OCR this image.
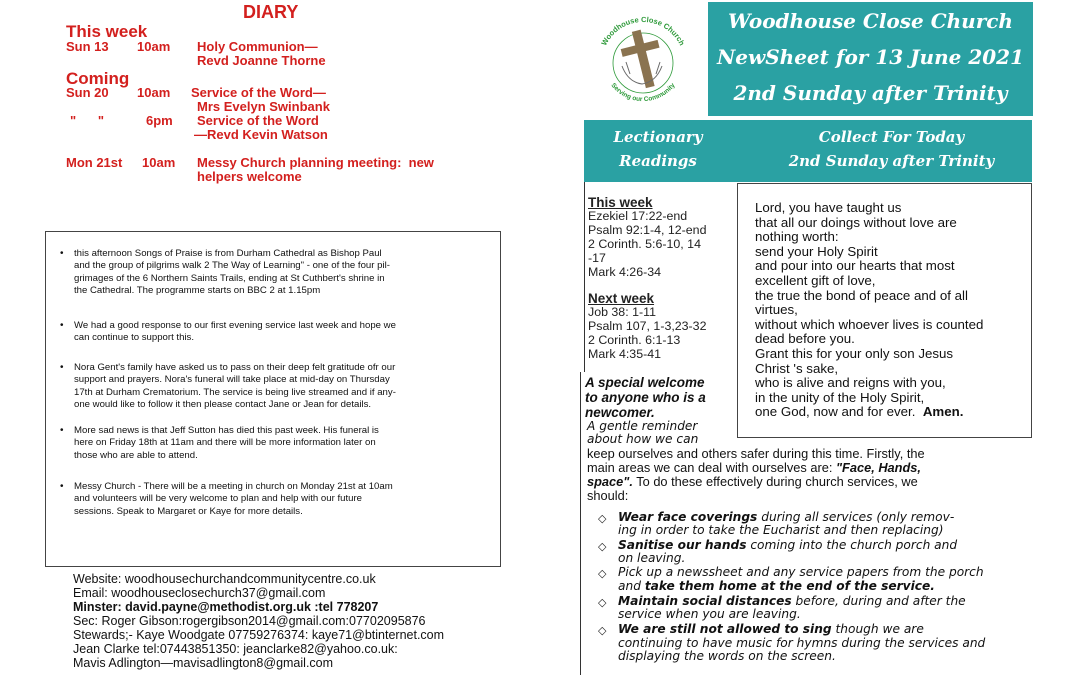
DIARY
This week
Sun 13 10am Holy Communion—
Revd Joanne Thorne
Coming
Sun 20 10am Service of the Word—
Mrs Evelyn Swinbank
"      "	6pm Service of the Word
—Revd Kevin Watson
Mon 21st 10am Messy Church planning meeting:  new
helpers welcome
• this afternoon Songs of Praise is from Durham Cathedral as Bishop Paul
and the group of pilgrims walk 2 The Way of Learning" - one of the four pil-
grimages of the 6 Northern Saints Trails, ending at St Cuthbert's shrine in
the Cathedral. The programme starts on BBC 2 at 1.15pm
• We had a good response to our first evening service last week and hope we
can continue to support this.
• Nora Gent's family have asked us to pass on their deep felt gratitude ofr our
support and prayers. Nora's funeral will take place at mid-day on Thursday
17th at Durham Crematorium. The service is being live streamed and if any-
one would like to follow it then please contact Jane or Jean for details.
• More sad news is that Jeff Sutton has died this past week. His funeral is
here on Friday 18th at 11am and there will be more information later on
those who are able to attend.
• Messy Church - There will be a meeting in church on Monday 21st at 10am
and volunteers will be very welcome to plan and help with our future
sessions. Speak to Margaret or Kaye for more details.
Website: woodhousechurchandcommunitycentre.co.uk
Email: woodhouseclosechurch37@gmail.com
Minster: david.payne@methodist.org.uk :tel 778207
Sec: Roger Gibson:rogergibson2014@gmail.com:07702095876
Stewards;- Kaye Woodgate 07759276374: kaye71@btinternet.com
Jean Clarke tel:07443851350: jeanclarke82@yahoo.co.uk:
Mavis Adlington—mavisadlington8@gmail.com
Woodhouse Close Church
Serving our Community
Woodhouse Close Church
NewSheet for 13 June 2021
2nd Sunday after Trinity
Lectionary
Readings
Collect For Today
2nd Sunday after Trinity
This week
Ezekiel 17:22-end
Psalm 92:1-4, 12-end
2 Corinth. 5:6-10, 14
-17
Mark 4:26-34
Next week
Job 38: 1-11
Psalm 107, 1-3,23-32
2 Corinth. 6:1-13
Mark 4:35-41
Lord, you have taught us
that all our doings without love are
nothing worth:
send your Holy Spirit
and pour into our hearts that most
excellent gift of love,
the true the bond of peace and of all
virtues,
without which whoever lives is counted
dead before you.
Grant this for your only son Jesus
Christ 's sake,
who is alive and reigns with you,
in the unity of the Holy Spirit,
one God, now and for ever. Amen.
A special welcome
to anyone who is a
newcomer.
A gentle reminder
about how we can
keep ourselves and others safer during this time. Firstly, the
main areas we can deal with ourselves are: "Face, Hands,
space". To do these effectively during church services, we
should:
◇ Wear face coverings during all services (only remov-
ing in order to take the Eucharist and then replacing)
◇ Sanitise our hands coming into the church porch and
on leaving.
◇ Pick up a newssheet and any service papers from the porch
and take them home at the end of the service.
◇ Maintain social distances before, during and after the
service when you are leaving.
◇ We are still not allowed to sing though we are
continuing to have music for hymns during the services and
displaying the words on the screen.
